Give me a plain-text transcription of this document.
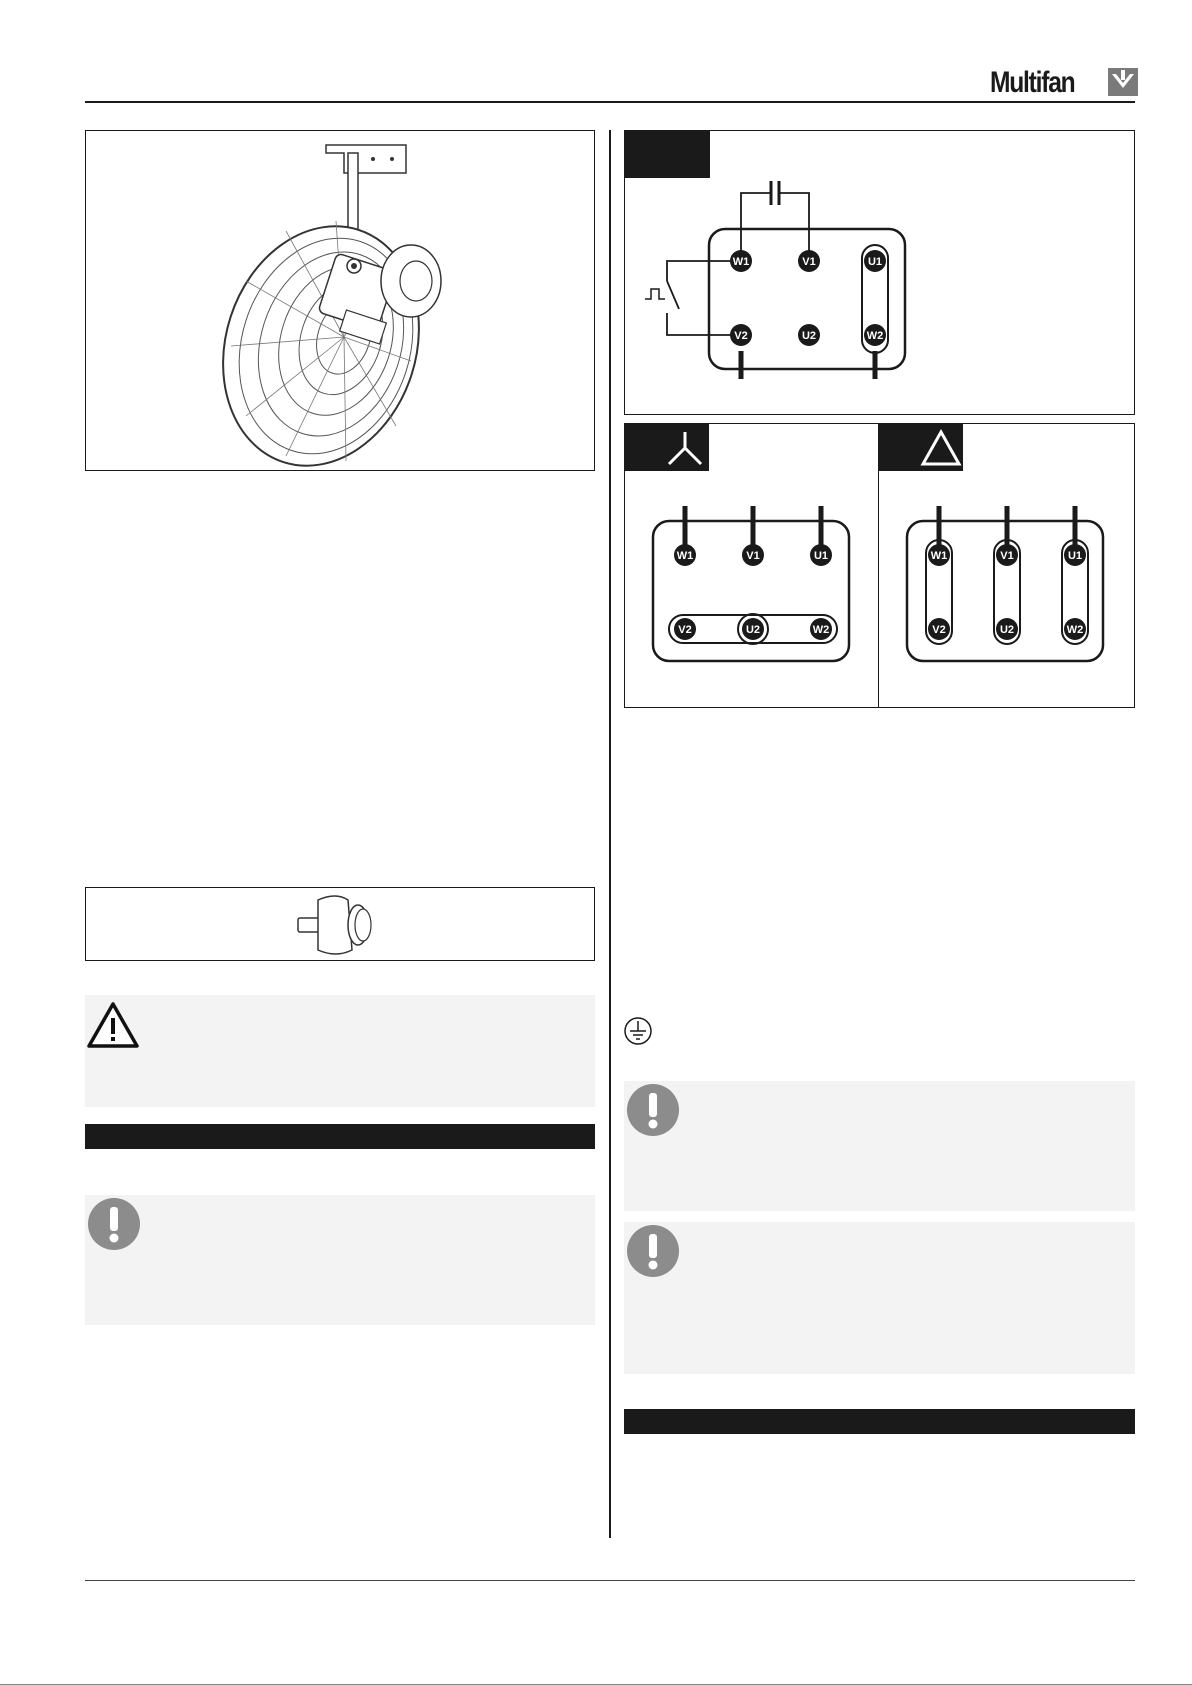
Multifan
W1	V1	U1
V2	U2	W2
W1	V1	U1
V2	U2	W2
W1	V1	U1
V2	U2	W2
